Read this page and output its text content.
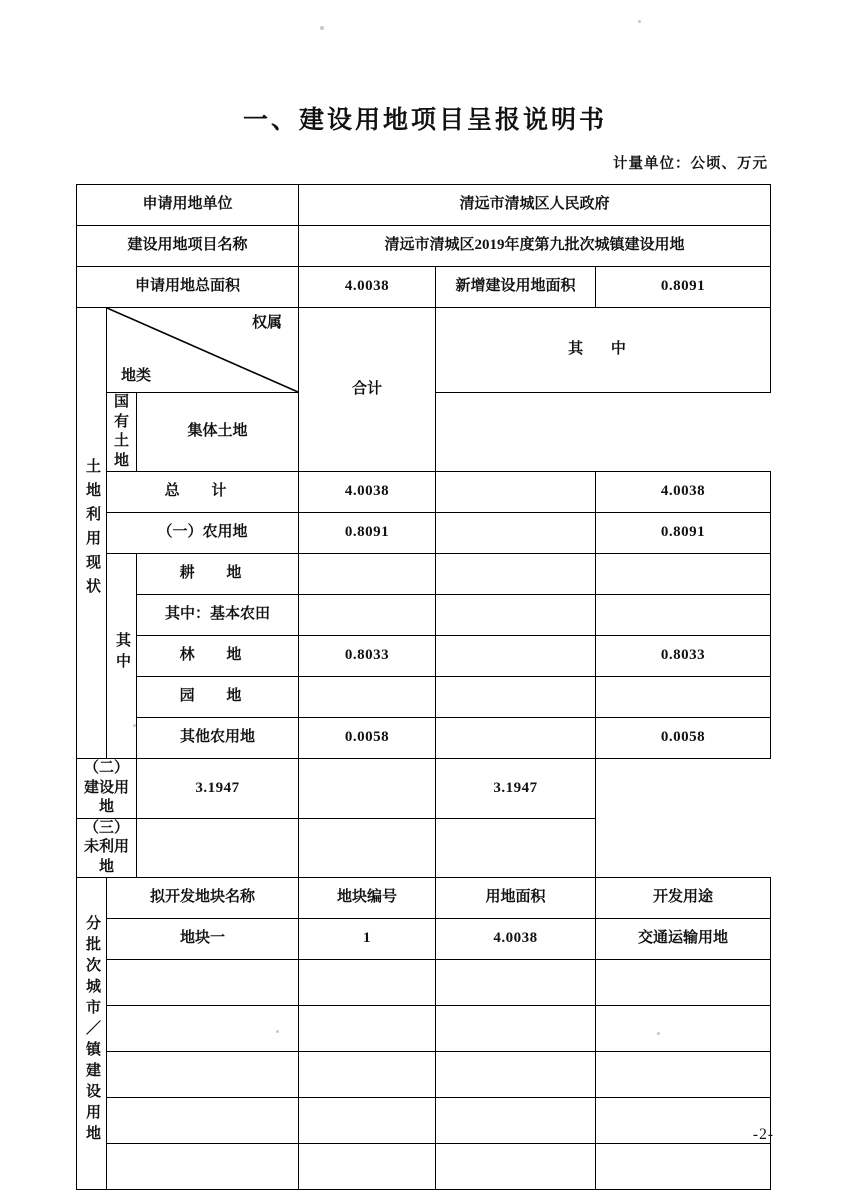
一、建设用地项目呈报说明书
计量单位：公顷、万元
申请用地单位			清远市清城区人民政府		
建设用地项目名称			清远市清城区2019年度第九批次城镇建设用地		
申请用地总面积			4.0038	新增建设用地面积	0.8091
土地利用现状	权属
地类		合计	其 中	
	国有土地	集体土地			
	总 计		4.0038		4.0038
	（一）农用地		0.8091		0.8091
	其中	耕 地			
		其中：基本农田			
		林 地	0.8033		0.8033
		园 地			
		其他农用地	0.0058		0.0058
（二）建设用地		3.1947		3.1947	
（三）未利用地					
分批次城市／镇建设用地	拟开发地块名称		地块编号	用地面积	开发用途
	地块一		1	4.0038	交通运输用地

-2-
